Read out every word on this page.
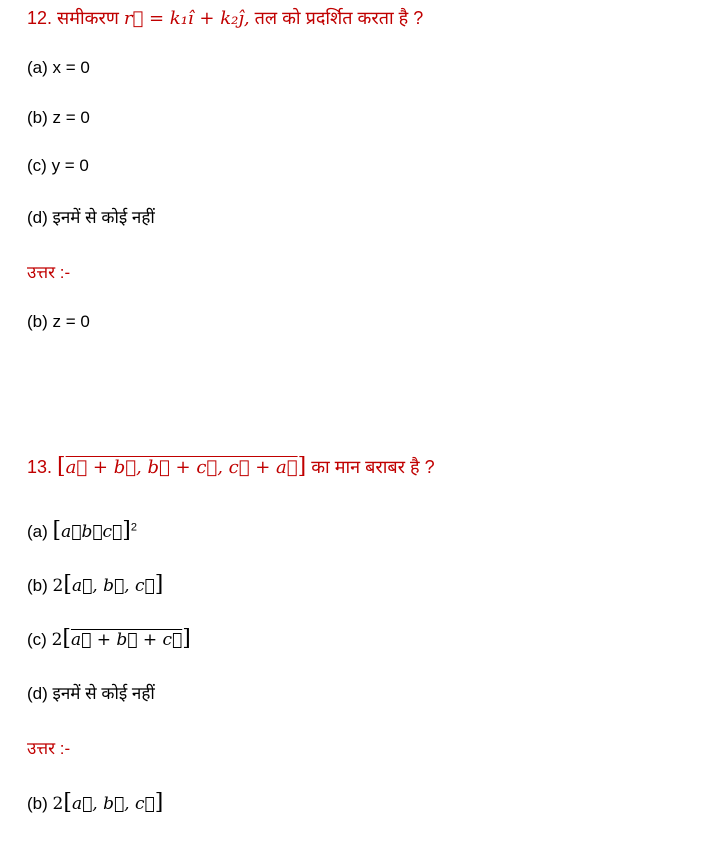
12. समीकरण r⃗ = k₁î + k₂ĵ, तल को प्रदर्शित करता है ?
(a) x = 0
(b) z = 0
(c) y = 0
(d) इनमें से कोई नहीं
उत्तर :-
(b) z = 0
13. [a⃗ + b⃗, b⃗ + c⃗, c⃗ + a⃗] का मान बराबर है ?
(a) [a⃗b⃗c⃗]$^2$
(b) 2[a⃗, b⃗, c⃗]
(c) 2[a⃗ + b⃗ + c⃗]
(d) इनमें से कोई नहीं
उत्तर :-
(b) 2[a⃗, b⃗, c⃗]
